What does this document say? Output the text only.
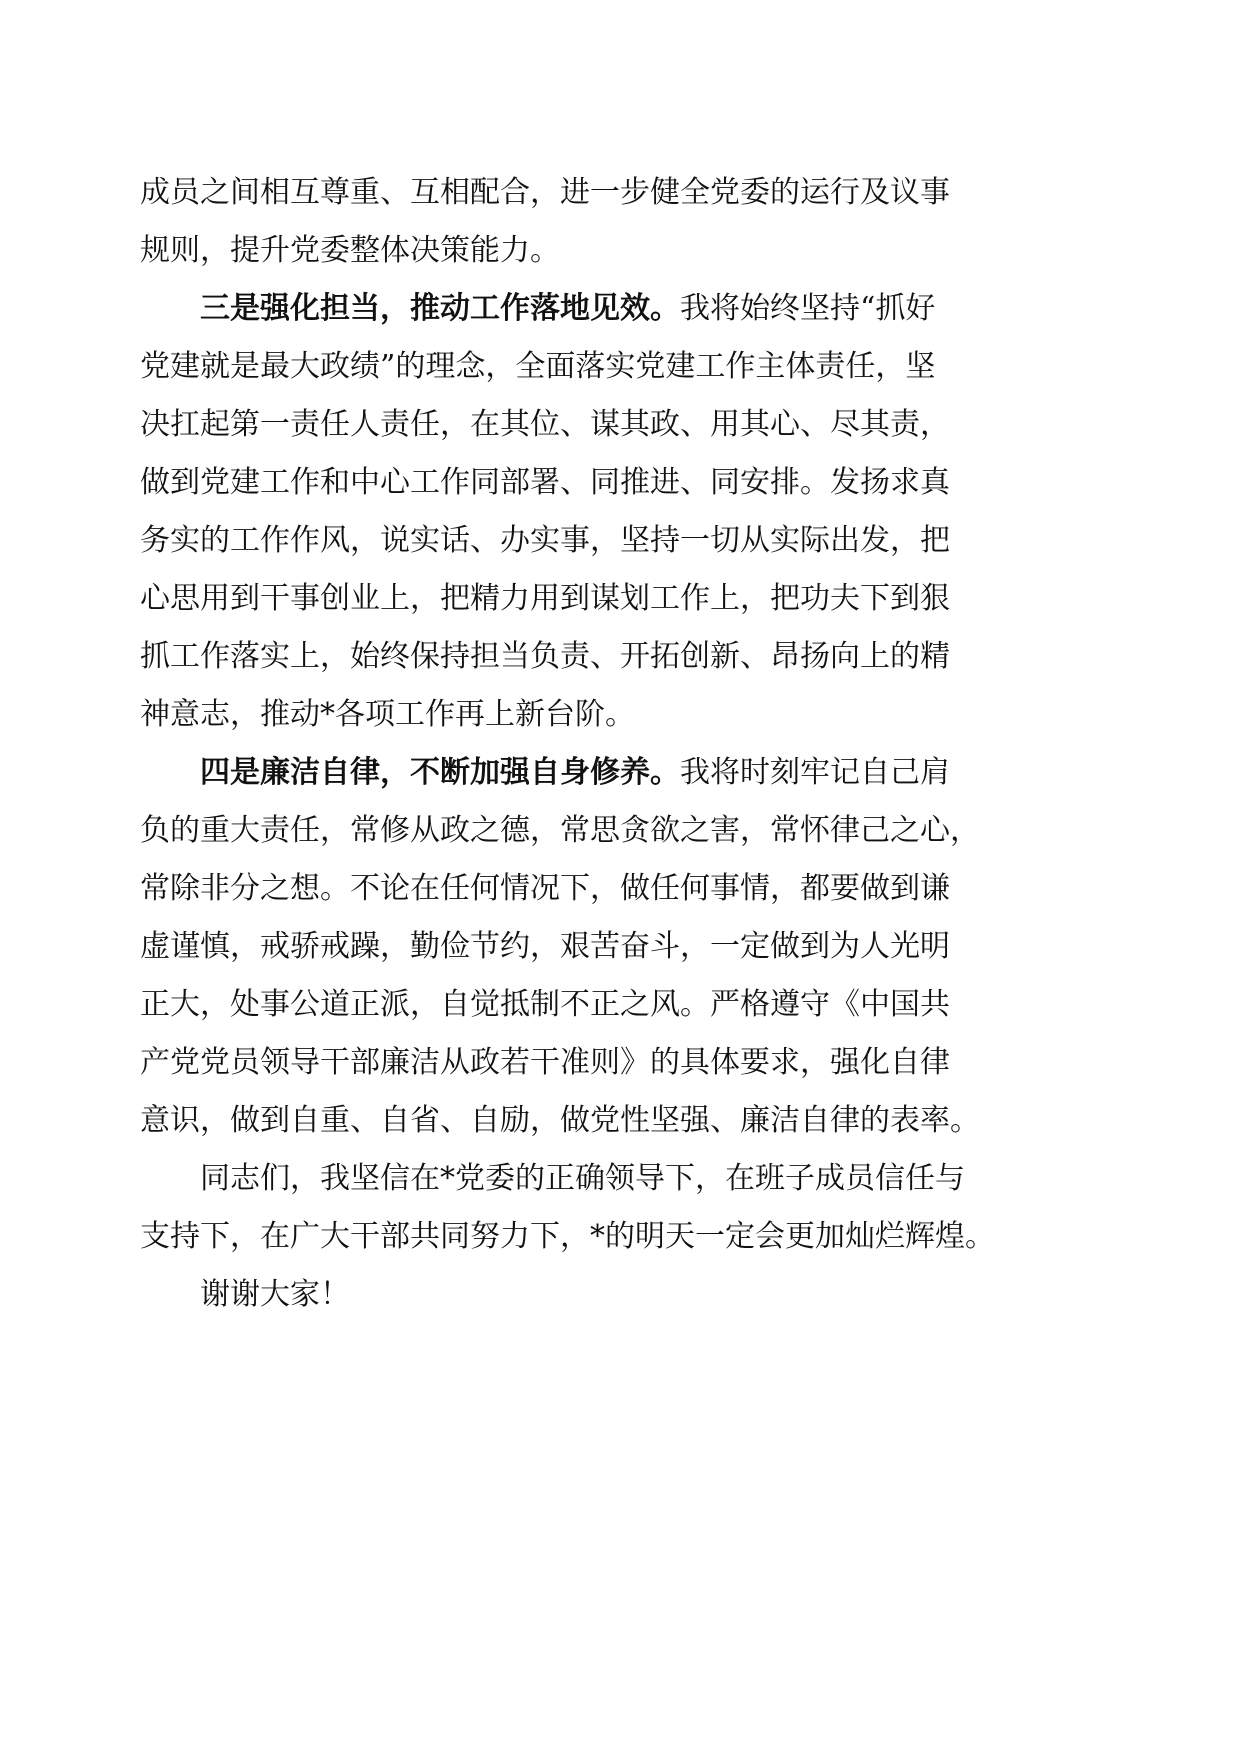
成员之间相互尊重、互相配合，进一步健全党委的运行及议事
规则，提升党委整体决策能力。
三是强化担当，推动工作落地见效。我将始终坚持“抓好
党建就是最大政绩”的理念，全面落实党建工作主体责任，坚
决扛起第一责任人责任，在其位、谋其政、用其心、尽其责，
做到党建工作和中心工作同部署、同推进、同安排。发扬求真
务实的工作作风，说实话、办实事，坚持一切从实际出发，把
心思用到干事创业上，把精力用到谋划工作上，把功夫下到狠
抓工作落实上，始终保持担当负责、开拓创新、昂扬向上的精
神意志，推动*各项工作再上新台阶。
四是廉洁自律，不断加强自身修养。我将时刻牢记自己肩
负的重大责任，常修从政之德，常思贪欲之害，常怀律己之心，
常除非分之想。不论在任何情况下，做任何事情，都要做到谦
虚谨慎，戒骄戒躁，勤俭节约，艰苦奋斗，一定做到为人光明
正大，处事公道正派，自觉抵制不正之风。严格遵守《中国共
产党党员领导干部廉洁从政若干准则》的具体要求，强化自律
意识，做到自重、自省、自励，做党性坚强、廉洁自律的表率。
同志们，我坚信在*党委的正确领导下，在班子成员信任与
支持下，在广大干部共同努力下，*的明天一定会更加灿烂辉煌。
谢谢大家！
